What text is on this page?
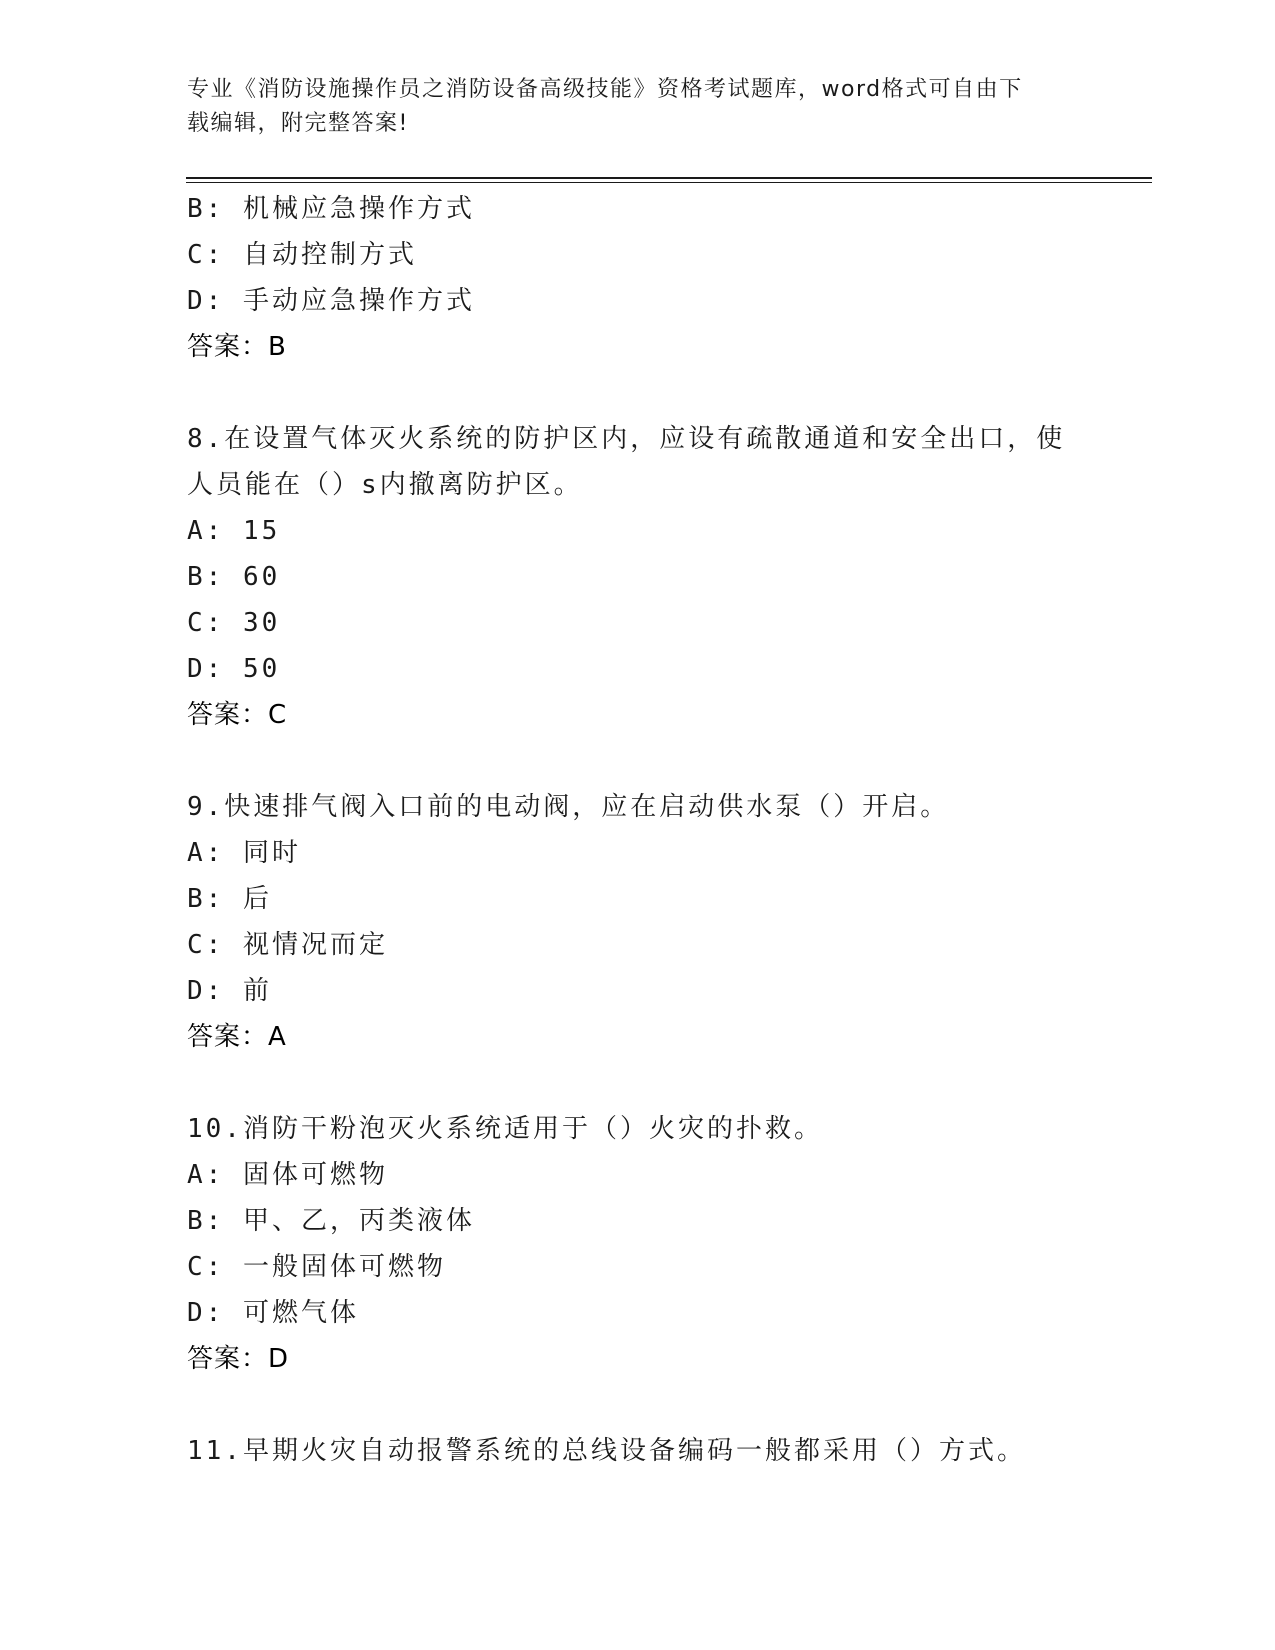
专业《消防设施操作员之消防设备高级技能》资格考试题库，word格式可自由下
载编辑，附完整答案!
B: 机械应急操作方式
C: 自动控制方式
D: 手动应急操作方式
答案：B
8.在设置气体灭火系统的防护区内，应设有疏散通道和安全出口，使
人员能在（）s内撤离防护区。
A: 15
B: 60
C: 30
D: 50
答案：C
9.快速排气阀入口前的电动阀，应在启动供水泵（）开启。
A: 同时
B: 后
C: 视情况而定
D: 前
答案：A
10.消防干粉泡灭火系统适用于（）火灾的扑救。
A: 固体可燃物
B: 甲、乙，丙类液体
C: 一般固体可燃物
D: 可燃气体
答案：D
11.早期火灾自动报警系统的总线设备编码一般都采用（）方式。
